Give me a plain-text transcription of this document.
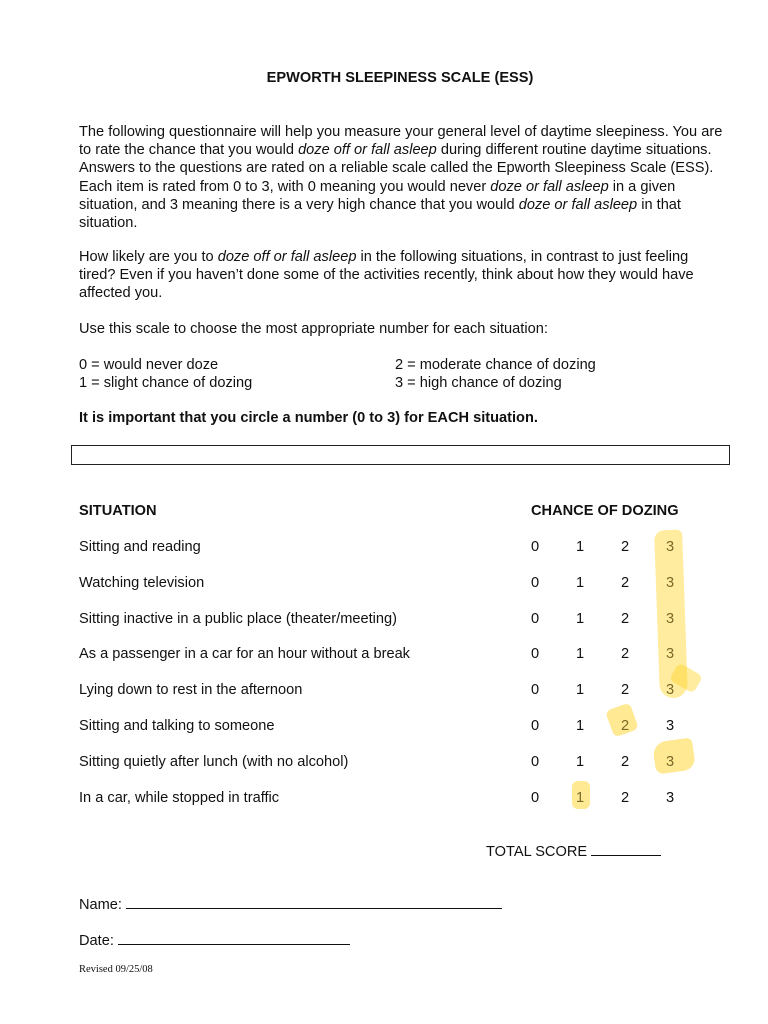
EPWORTH SLEEPINESS SCALE (ESS)
The following questionnaire will help you measure your general level of daytime sleepiness. You are to rate the chance that you would doze off or fall asleep during different routine daytime situations. Answers to the questions are rated on a reliable scale called the Epworth Sleepiness Scale (ESS). Each item is rated from 0 to 3, with 0 meaning you would never doze or fall asleep in a given situation, and 3 meaning there is a very high chance that you would doze or fall asleep in that situation.
How likely are you to doze off or fall asleep in the following situations, in contrast to just feeling tired? Even if you haven’t done some of the activities recently, think about how they would have affected you.
Use this scale to choose the most appropriate number for each situation:
0 = would never doze	2 = moderate chance of dozing
1 = slight chance of dozing	3 = high chance of dozing
It is important that you circle a number (0 to 3) for EACH situation.
SITUATION	CHANCE OF DOZING
Sitting and reading	0	1	2	3
Watching television	0	1	2	3
Sitting inactive in a public place (theater/meeting)	0	1	2	3
As a passenger in a car for an hour without a break	0	1	2	3
Lying down to rest in the afternoon	0	1	2	3
Sitting and talking to someone	0	1	2	3
Sitting quietly after lunch (with no alcohol)	0	1	2	3
In a car, while stopped in traffic	0	1	2	3
TOTAL SCORE
Name:
Date:
Revised 09/25/08
